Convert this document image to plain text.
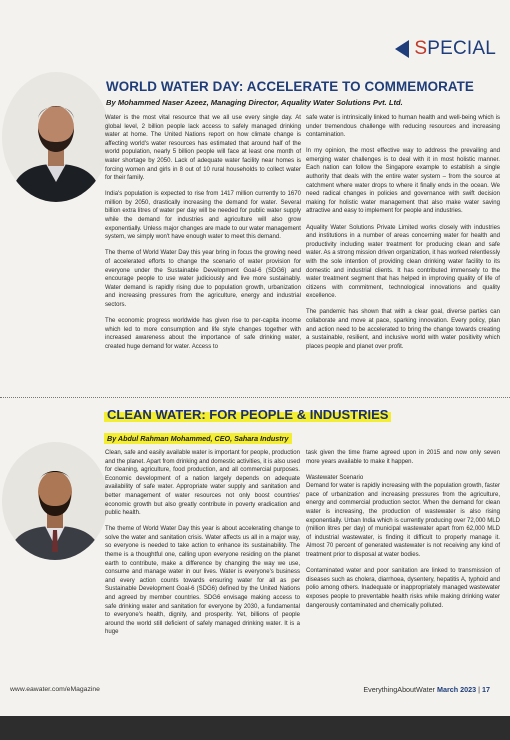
SPECIAL
WORLD WATER DAY: ACCELERATE TO COMMEMORATE
By Mohammed Naser Azeez, Managing Director, Aquality Water Solutions Pvt. Ltd.

Water is the most vital resource that we all use every single day. At global level, 2 billion people lack access to safely managed drinking water at home. The United Nations report on how climate change is affecting world's water resources has estimated that around half of the world population, nearly 5 billion people will face at least one month of water shortage by 2050. Lack of adequate water facility near homes is forcing women and girls in 8 out of 10 rural households to collect water for their family.

India's population is expected to rise from 1417 million currently to 1670 million by 2050, drastically increasing the demand for water. Several billion extra litres of water per day will be needed for public water supply while the demand for industries and agriculture will also grow exponentially. Unless major changes are made to our water management system, we simply won't have enough water to meet this demand.

The theme of World Water Day this year bring in focus the growing need of accelerated efforts to change the scenario of water provision for everyone under the Sustainable Development Goal-6 (SDG6) and encourage people to use water judiciously and live more sustainably. Water demand is rapidly rising due to population growth, urbanization and increasing pressures from the agriculture, energy and industrial sectors.

The economic progress worldwide has given rise to per-capita income which led to more consumption and life style changes together with increased awareness about the importance of safe drinking water, created huge demand for water. Access to

safe water is intrinsically linked to human health and well-being which is under tremendous challenge with reducing resources and increasing contamination.

In my opinion, the most effective way to address the prevailing and emerging water challenges is to deal with it in most holistic manner. Each nation can follow the Singapore example to establish a single authority that deals with the entire water system – from the source at catchment where water drops to where it finally ends in the ocean. We need radical changes in policies and governance with swift decision making for holistic water management that also make water saving attractive and easy to implement for people and industries.

Aquality Water Solutions Private Limited works closely with industries and institutions in a number of areas concerning water for health and productivity including water treatment for producing clean and safe water. As a strong mission driven organization, it has worked relentlessly with the sole intention of providing clean drinking water facility to its domestic and industrial clients. It has contributed immensely to the water treatment segment that has helped in improving quality of life of citizens with commitment, technological innovations and quality excellence.

The pandemic has shown that with a clear goal, diverse parties can collaborate and move at pace, sparking innovation. Every policy, plan and action need to be accelerated to bring the change towards creating a sustainable, resilient, and inclusive world with water positivity which places people and planet over profit.

CLEAN WATER: FOR PEOPLE & INDUSTRIES
By Abdul Rahman Mohammed, CEO, Sahara Industry

Clean, safe and easily available water is important for people, production and the planet. Apart from drinking and domestic activities, it is also used for cleaning, agriculture, food production, and all commercial purposes. Economic development of a nation largely depends on adequate availability of safe water. Appropriate water supply and sanitation and better management of water resources not only boost countries' economic growth but also greatly contribute in poverty eradication and public health.

The theme of World Water Day this year is about accelerating change to solve the water and sanitation crisis. Water affects us all in a major way, so everyone is needed to take action to enhance its sustainability. The theme is a thoughtful one, calling upon everyone residing on the planet earth to contribute, make a difference by changing the way we use, consume and manage water in our lives. Water is everyone's business and every action counts towards ensuring water for all as per Sustainable Development Goal-6 (SDG6) defined by the United Nations and agreed by member countries. SDG6 envisage making access to safe drinking water and sanitation for everyone by 2030, a fundamental to everyone's health, dignity, and prosperity. Yet, billions of people around the world still deficient of safely managed drinking water. It is a huge

task given the time frame agreed upon in 2015 and now only seven more years available to make it happen.

Wastewater Scenario

Demand for water is rapidly increasing with the population growth, faster pace of urbanization and increasing pressures from the agriculture, energy and commercial production sector. When the demand for clean water is increasing, the production of wastewater is also rising exponentially. Urban India which is currently producing over 72,000 MLD (million litres per day) of municipal wastewater apart from 62,000 MLD of industrial wastewater, is finding it difficult to properly manage it. Almost 70 percent of generated wastewater is not receiving any kind of treatment prior to disposal at water bodies.

Contaminated water and poor sanitation are linked to transmission of diseases such as cholera, diarrhoea, dysentery, hepatitis A, typhoid and polio among others. Inadequate or inappropriately managed wastewater exposes people to preventable health risks while making drinking water dangerously contaminated and chemically polluted.

www.eawater.com/eMagazine	EverythingAboutWater March 2023 | 17
